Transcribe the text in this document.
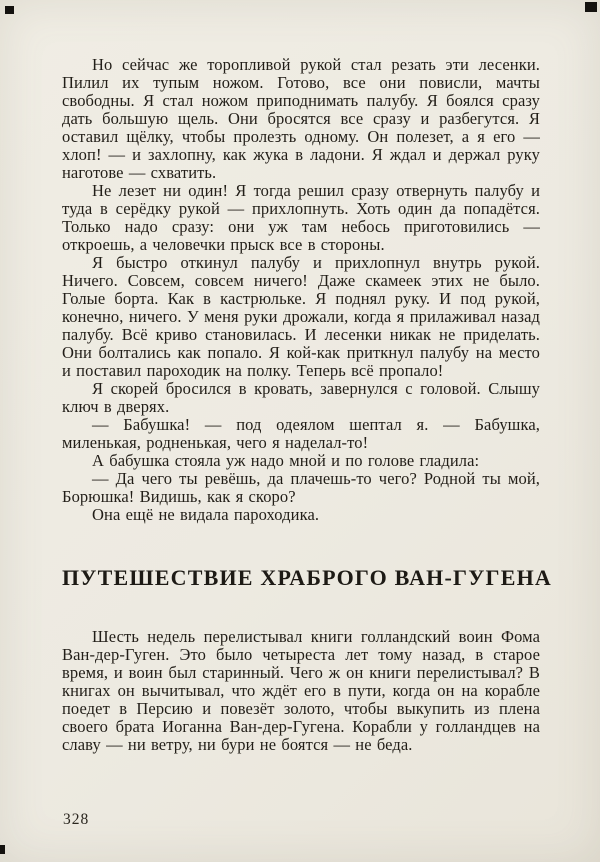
Но сейчас же торопливой рукой стал резать эти лесенки. Пилил их тупым ножом. Готово, все они повисли, мачты свободны. Я стал ножом приподнимать палубу. Я боялся сразу дать большую щель. Они бросятся все сразу и разбегутся. Я оставил щёлку, чтобы пролезть одному. Он полезет, а я его — хлоп! — и захлопну, как жука в ладони. Я ждал и держал руку наготове — схватить.

Не лезет ни один! Я тогда решил сразу отвернуть палубу и туда в серёдку рукой — прихлопнуть. Хоть один да попадётся. Только надо сразу: они уж там небось приготовились — откроешь, а человечки прыск все в стороны.

Я быстро откинул палубу и прихлопнул внутрь рукой. Ничего. Совсем, совсем ничего! Даже скамеек этих не было. Голые борта. Как в кастрюльке. Я поднял руку. И под рукой, конечно, ничего. У меня руки дрожали, когда я прилаживал назад палубу. Всё криво становилась. И лесенки никак не приделать. Они болтались как попало. Я кой-как приткнул палубу на место и поставил пароходик на полку. Теперь всё пропало!

Я скорей бросился в кровать, завернулся с головой. Слышу ключ в дверях.

— Бабушка! — под одеялом шептал я. — Бабушка, миленькая, родненькая, чего я наделал-то!

А бабушка стояла уж надо мной и по голове гладила:

— Да чего ты ревёшь, да плачешь-то чего? Родной ты мой, Борюшка! Видишь, как я скоро?

Она ещё не видала пароходика.

ПУТЕШЕСТВИЕ ХРАБРОГО ВАН-ГУГЕНА

Шесть недель перелистывал книги голландский воин Фома Ван-дер-Гуген. Это было четыреста лет тому назад, в старое время, и воин был старинный. Чего ж он книги перелистывал? В книгах он вычитывал, что ждёт его в пути, когда он на корабле поедет в Персию и повезёт золото, чтобы выкупить из плена своего брата Иоганна Ван-дер-Гугена. Корабли у голландцев на славу — ни ветру, ни бури не боятся — не беда.

328
